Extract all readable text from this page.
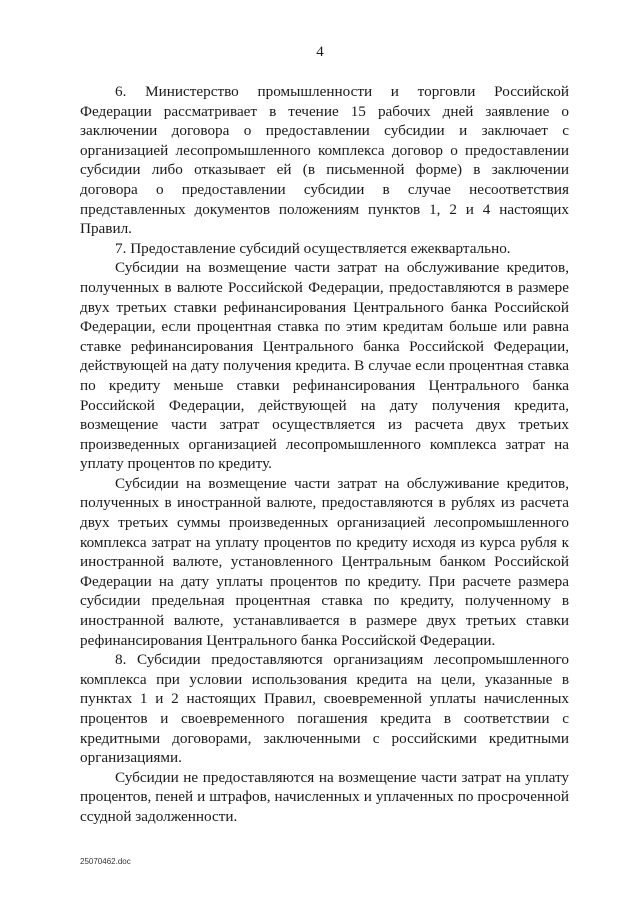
4

6. Министерство промышленности и торговли Российской Федерации рассматривает в течение 15 рабочих дней заявление о заключении договора о предоставлении субсидии и заключает с организацией лесопромышленного комплекса договор о предоставлении субсидии либо отказывает ей (в письменной форме) в заключении договора о предоставлении субсидии в случае несоответствия представленных документов положениям пунктов 1, 2 и 4 настоящих Правил.

7. Предоставление субсидий осуществляется ежеквартально.

Субсидии на возмещение части затрат на обслуживание кредитов, полученных в валюте Российской Федерации, предоставляются в размере двух третьих ставки рефинансирования Центрального банка Российской Федерации, если процентная ставка по этим кредитам больше или равна ставке рефинансирования Центрального банка Российской Федерации, действующей на дату получения кредита. В случае если процентная ставка по кредиту меньше ставки рефинансирования Центрального банка Российской Федерации, действующей на дату получения кредита, возмещение части затрат осуществляется из расчета двух третьих произведенных организацией лесопромышленного комплекса затрат на уплату процентов по кредиту.

Субсидии на возмещение части затрат на обслуживание кредитов, полученных в иностранной валюте, предоставляются в рублях из расчета двух третьих суммы произведенных организацией лесопромышленного комплекса затрат на уплату процентов по кредиту исходя из курса рубля к иностранной валюте, установленного Центральным банком Российской Федерации на дату уплаты процентов по кредиту. При расчете размера субсидии предельная процентная ставка по кредиту, полученному в иностранной валюте, устанавливается в размере двух третьих ставки рефинансирования Центрального банка Российской Федерации.

8. Субсидии предоставляются организациям лесопромышленного комплекса при условии использования кредита на цели, указанные в пунктах 1 и 2 настоящих Правил, своевременной уплаты начисленных процентов и своевременного погашения кредита в соответствии с кредитными договорами, заключенными с российскими кредитными организациями.

Субсидии не предоставляются на возмещение части затрат на уплату процентов, пеней и штрафов, начисленных и уплаченных по просроченной ссудной задолженности.

25070462.doc
